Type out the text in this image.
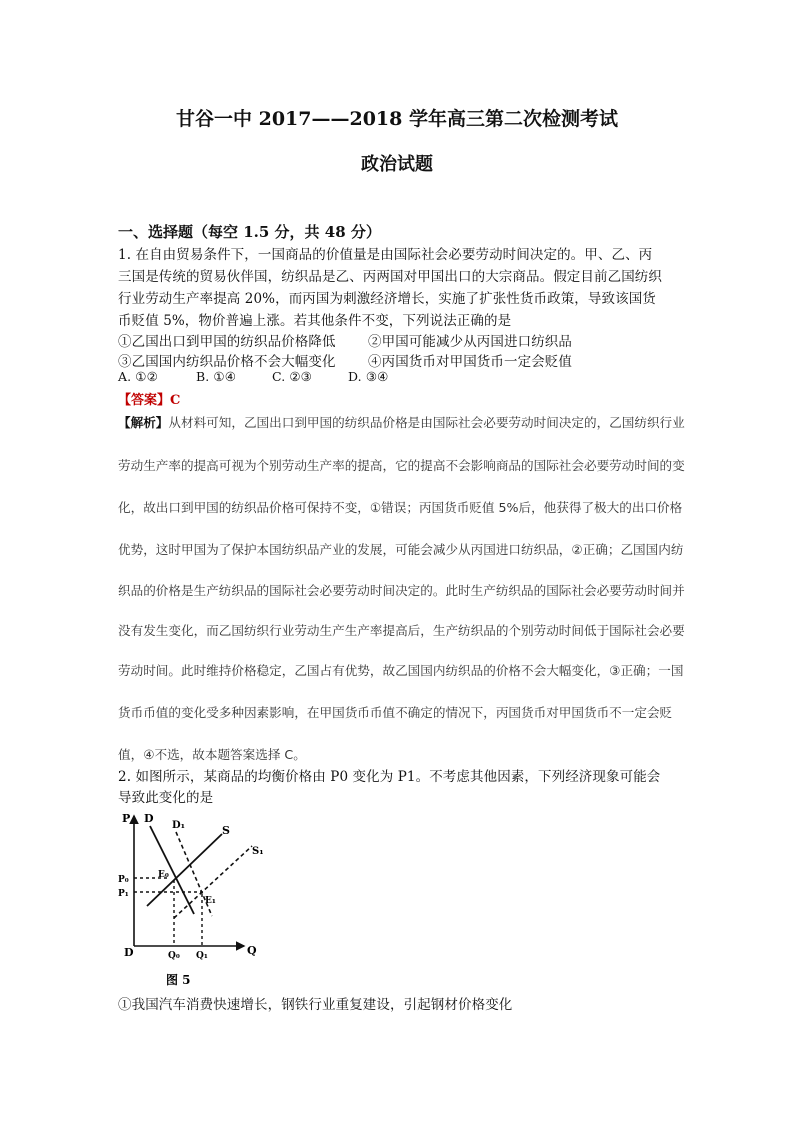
甘谷一中 2017——2018 学年高三第二次检测考试
政治试题
一、选择题（每空 1.5 分，共 48 分）
1. 在自由贸易条件下，一国商品的价值量是由国际社会必要劳动时间决定的。甲、乙、丙
三国是传统的贸易伙伴国，纺织品是乙、丙两国对甲国出口的大宗商品。假定目前乙国纺织
行业劳动生产率提高 20%，而丙国为刺激经济增长，实施了扩张性货币政策，导致该国货
币贬值 5%，物价普遍上涨。若其他条件不变，下列说法正确的是
①乙国出口到甲国的纺织品价格降低 ②甲国可能减少从丙国进口纺织品
③乙国国内纺织品价格不会大幅变化 ④丙国货币对甲国货币一定会贬值
A. ①②	B. ①④	C. ②③	D. ③④
【答案】C
【解析】从材料可知，乙国出口到甲国的纺织品价格是由国际社会必要劳动时间决定的，乙国纺织行业
劳动生产率的提高可视为个别劳动生产率的提高，它的提高不会影响商品的国际社会必要劳动时间的变
化，故出口到甲国的纺织品价格可保持不变，①错误；丙国货币贬值 5%后，他获得了极大的出口价格
优势，这时甲国为了保护本国纺织品产业的发展，可能会减少从丙国进口纺织品，②正确；乙国国内纺
织品的价格是生产纺织品的国际社会必要劳动时间决定的。此时生产纺织品的国际社会必要劳动时间并
没有发生变化，而乙国纺织行业劳动生产生产率提高后，生产纺织品的个别劳动时间低于国际社会必要
劳动时间。此时维持价格稳定，乙国占有优势，故乙国国内纺织品的价格不会大幅变化，③正确；一国
货币币值的变化受多种因素影响，在甲国货币币值不确定的情况下，丙国货币对甲国货币不一定会贬
值，④不选，故本题答案选择 C。
2. 如图所示，某商品的均衡价格由 P0 变化为 P1。不考虑其他因素，下列经济现象可能会
导致此变化的是
P
Q
D
D
D₁	S
S₁
P₀
P₁
E₀
E₁
Q₀ Q₁
图 5
①我国汽车消费快速增长，钢铁行业重复建设，引起钢材价格变化
